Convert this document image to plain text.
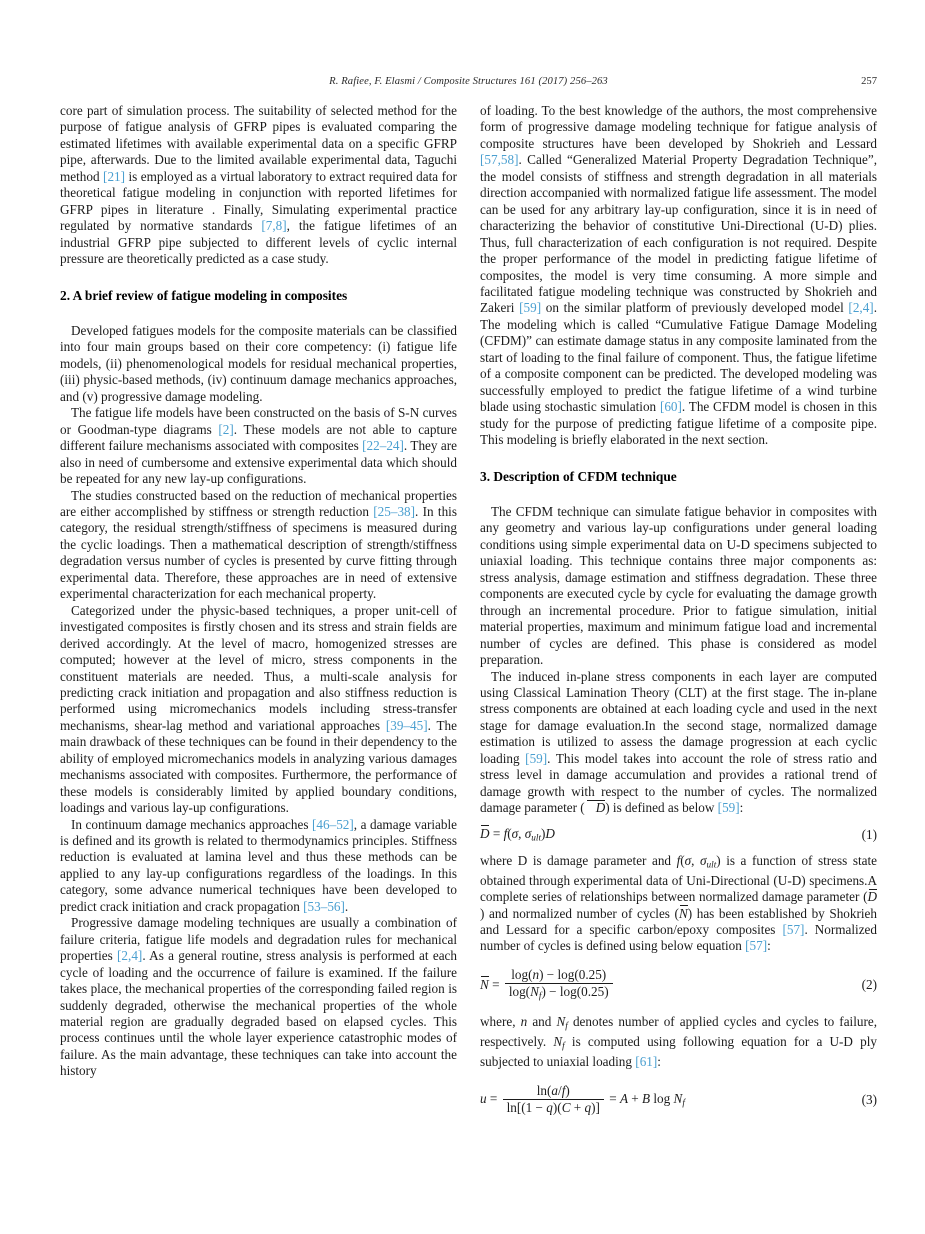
R. Rafiee, F. Elasmi / Composite Structures 161 (2017) 256–263	257

core part of simulation process. The suitability of selected method for the purpose of fatigue analysis of GFRP pipes is evaluated comparing the estimated lifetimes with available experimental data on a specific GFRP pipe, afterwards. Due to the limited available experimental data, Taguchi method [21] is employed as a virtual laboratory to extract required data for theoretical fatigue modeling in conjunction with reported lifetimes for GFRP pipes in literature . Finally, Simulating experimental practice regulated by normative standards [7,8], the fatigue lifetimes of an industrial GFRP pipe subjected to different levels of cyclic internal pressure are theoretically predicted as a case study.

2. A brief review of fatigue modeling in composites

Developed fatigues models for the composite materials can be classified into four main groups based on their core competency: (i) fatigue life models, (ii) phenomenological models for residual mechanical properties, (iii) physic-based methods, (iv) continuum damage mechanics approaches, and (v) progressive damage modeling.

The fatigue life models have been constructed on the basis of S-N curves or Goodman-type diagrams [2]. These models are not able to capture different failure mechanisms associated with composites [22–24]. They are also in need of cumbersome and extensive experimental data which should be repeated for any new lay-up configurations.

The studies constructed based on the reduction of mechanical properties are either accomplished by stiffness or strength reduction [25–38]. In this category, the residual strength/stiffness of specimens is measured during the cyclic loadings. Then a mathematical description of strength/stiffness degradation versus number of cycles is presented by curve fitting through experimental data. Therefore, these approaches are in need of extensive experimental characterization for each mechanical property.

Categorized under the physic-based techniques, a proper unit-cell of investigated composites is firstly chosen and its stress and strain fields are derived accordingly. At the level of macro, homogenized stresses are computed; however at the level of micro, stress components in the constituent materials are needed. Thus, a multi-scale analysis for predicting crack initiation and propagation and also stiffness reduction is performed using micromechanics models including stress-transfer mechanisms, shear-lag method and variational approaches [39–45]. The main drawback of these techniques can be found in their dependency to the ability of employed micromechanics models in analyzing various damages mechanisms associated with composites. Furthermore, the performance of these models is considerably limited by applied boundary conditions, loadings and various lay-up configurations.

In continuum damage mechanics approaches [46–52], a damage variable is defined and its growth is related to thermodynamics principles. Stiffness reduction is evaluated at lamina level and thus these methods can be applied to any lay-up configurations regardless of the loadings. In this category, some advance numerical techniques have been developed to predict crack initiation and crack propagation [53–56].

Progressive damage modeling techniques are usually a combination of failure criteria, fatigue life models and degradation rules for mechanical properties [2,4]. As a general routine, stress analysis is performed at each cycle of loading and the occurrence of failure is examined. If the failure takes place, the mechanical properties of the corresponding failed region is suddenly degraded, otherwise the mechanical properties of the whole material region are gradually degraded based on elapsed cycles. This process continues until the whole layer experience catastrophic modes of failure. As the main advantage, these techniques can take into account the history

of loading. To the best knowledge of the authors, the most comprehensive form of progressive damage modeling technique for fatigue analysis of composite structures have been developed by Shokrieh and Lessard [57,58]. Called “Generalized Material Property Degradation Technique”, the model consists of stiffness and strength degradation in all materials direction accompanied with normalized fatigue life assessment. The model can be used for any arbitrary lay-up configuration, since it is in need of characterizing the behavior of constitutive Uni-Directional (U-D) plies. Thus, full characterization of each configuration is not required. Despite the proper performance of the model in predicting fatigue lifetime of composites, the model is very time consuming. A more simple and facilitated fatigue modeling technique was constructed by Shokrieh and Zakeri [59] on the similar platform of previously developed model [2,4]. The modeling which is called “Cumulative Fatigue Damage Modeling (CFDM)” can estimate damage status in any composite laminated from the start of loading to the final failure of component. Thus, the fatigue lifetime of a composite component can be predicted. The developed modeling was successfully employed to predict the fatigue lifetime of a wind turbine blade using stochastic simulation [60]. The CFDM model is chosen in this study for the purpose of predicting fatigue lifetime of a composite pipe. This modeling is briefly elaborated in the next section.

3. Description of CFDM technique

The CFDM technique can simulate fatigue behavior in composites with any geometry and various lay-up configurations under general loading conditions using simple experimental data on U-D specimens subjected to uniaxial loading. This technique contains three major components as: stress analysis, damage estimation and stiffness degradation. These three components are executed cycle by cycle for evaluating the damage growth through an incremental procedure. Prior to fatigue simulation, initial material properties, maximum and minimum fatigue load and incremental number of cycles are defined. This phase is considered as model preparation.

The induced in-plane stress components in each layer are computed using Classical Lamination Theory (CLT) at the first stage. The in-plane stress components are obtained at each loading cycle and used in the next stage for damage evaluation.In the second stage, normalized damage estimation is utilized to assess the damage progression at each cyclic loading [59]. This model takes into account the role of stress ratio and stress level in damage accumulation and provides a rational trend of damage growth with respect to the number of cycles. The normalized damage parameter ( D) is defined as below [59]:

D = f(σ, σult)D	(1)

where D is damage parameter and f(σ, σult) is a function of stress state obtained through experimental data of Uni-Directional (U-D) specimens.A complete series of relationships between normalized damage parameter (D) and normalized number of cycles (N) has been established by Shokrieh and Lessard for a specific carbon/epoxy composites [57]. Normalized number of cycles is defined using below equation [57]:

$N = \frac{\log(n) - \log(0.25)}{\log(Nf) - \log(0.25)}$	(2)

where, n and Nf denotes number of applied cycles and cycles to failure, respectively. Nf is computed using following equation for a U-D ply subjected to uniaxial loading [61]:

$u = \frac{\ln(a/f)}{\ln[(1 - q)(C + q)]} = A + B$ log Nf	(3)
